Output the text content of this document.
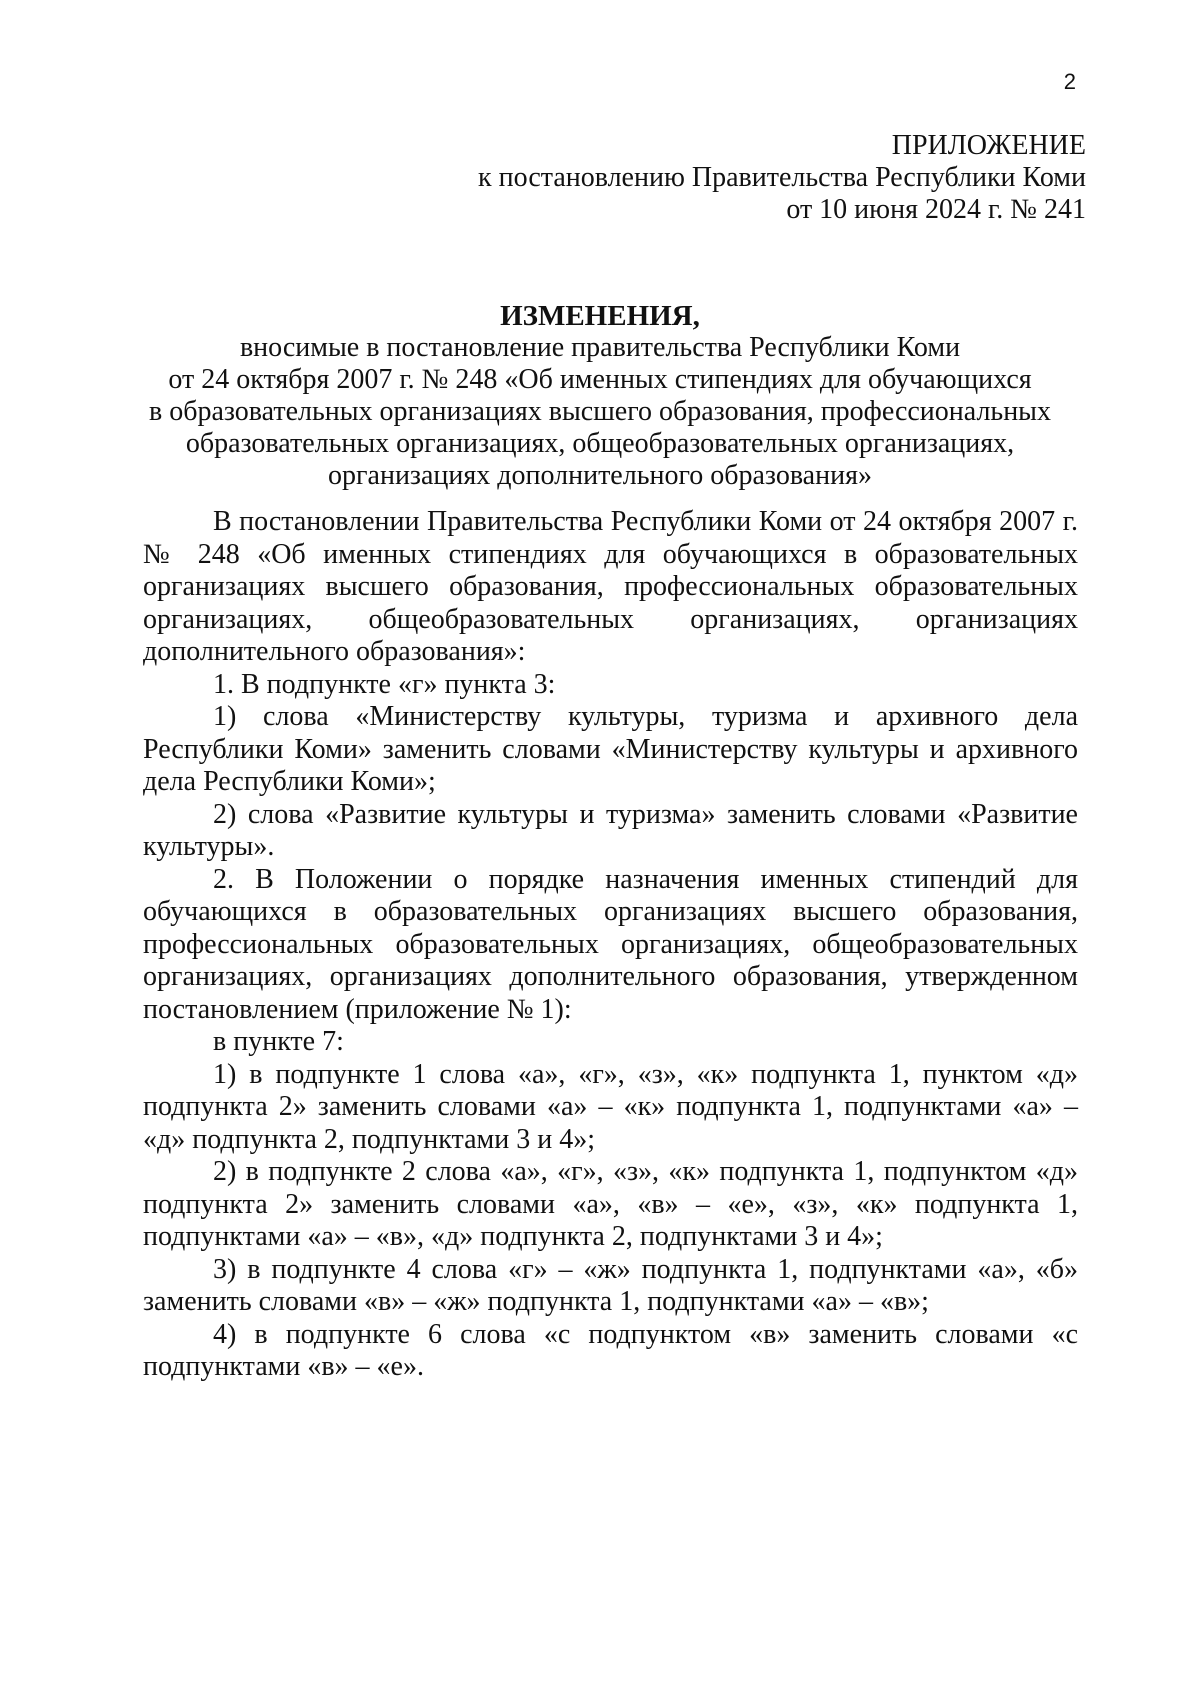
2
ПРИЛОЖЕНИЕ
к постановлению Правительства Республики Коми
от 10 июня 2024 г. № 241
ИЗМЕНЕНИЯ,
вносимые в постановление правительства Республики Коми
от 24 октября 2007 г. № 248 «Об именных стипендиях для обучающихся
в образовательных организациях высшего образования, профессиональных
образовательных организациях, общеобразовательных организациях,
организациях дополнительного образования»

В постановлении Правительства Республики Коми от 24 октября 2007 г. № 248 «Об именных стипендиях для обучающихся в образовательных организациях высшего образования, профессиональных образовательных организациях, общеобразовательных организациях, организациях дополнительного образования»:

1. В подпункте «г» пункта 3:

1) слова «Министерству культуры, туризма и архивного дела Республики Коми» заменить словами «Министерству культуры и архивного дела Республики Коми»;

2) слова «Развитие культуры и туризма» заменить словами «Развитие культуры».

2. В Положении о порядке назначения именных стипендий для обучающихся в образовательных организациях высшего образования, профессиональных образовательных организациях, общеобразовательных организациях, организациях дополнительного образования, утвержденном постановлением (приложение № 1):

в пункте 7:

1) в подпункте 1 слова «а», «г», «з», «к» подпункта 1, пунктом «д» подпункта 2» заменить словами «а» – «к» подпункта 1, подпунктами «а» – «д» подпункта 2, подпунктами 3 и 4»;

2) в подпункте 2 слова «а», «г», «з», «к» подпункта 1, подпунктом «д» подпункта 2» заменить словами «а», «в» – «е», «з», «к» подпункта 1, подпунктами «а» – «в», «д» подпункта 2, подпунктами 3 и 4»;

3) в подпункте 4 слова «г» – «ж» подпункта 1, подпунктами «а», «б» заменить словами «в» – «ж» подпункта 1, подпунктами «а» – «в»;

4) в подпункте 6 слова «с подпунктом «в» заменить словами «с подпунктами «в» – «е».
